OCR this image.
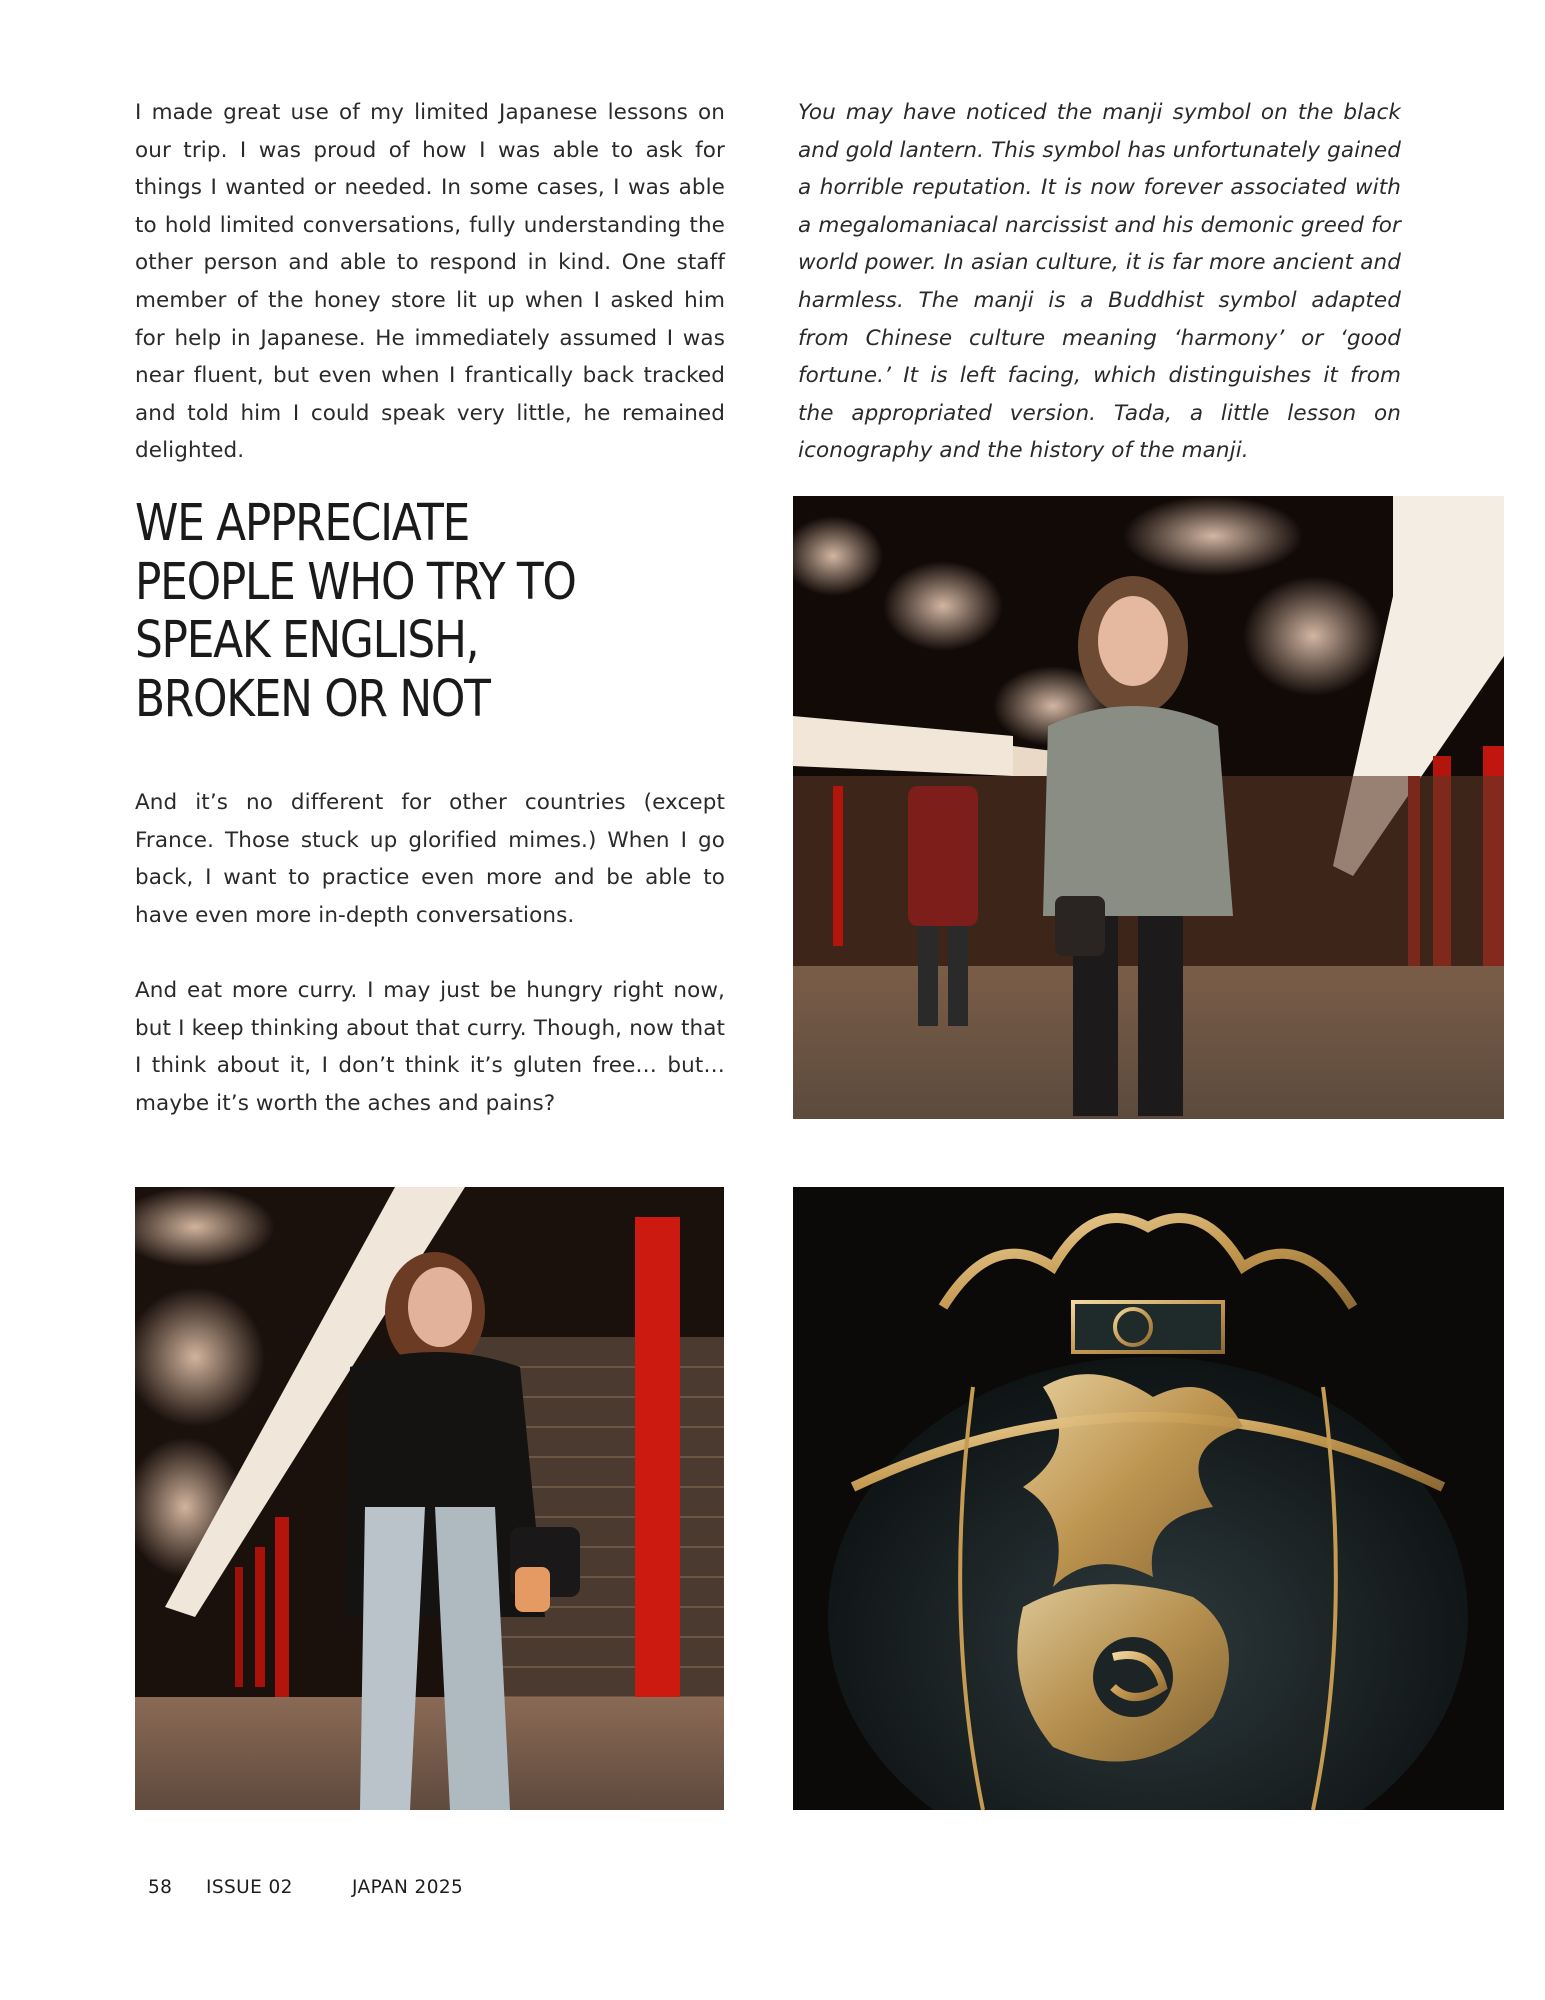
I made great use of my limited Japanese lessons on our trip. I was proud of how I was able to ask for things I wanted or needed. In some cases, I was able to hold limited conversations, fully understanding the other person and able to respond in kind. One staff member of the honey store lit up when I asked him for help in Japanese. He immediately assumed I was near fluent, but even when I frantically back tracked and told him I could speak very little, he remained delighted.

You may have noticed the manji symbol on the black and gold lantern. This symbol has unfortunately gained a horrible reputation. It is now forever associated with a megalomaniacal narcissist and his demonic greed for world power. In asian culture, it is far more ancient and harmless. The manji is a Buddhist symbol adapted from Chinese culture meaning ‘harmony’ or ‘good fortune.’ It is left facing, which distinguishes it from the appropriated version. Tada, a little lesson on iconography and the history of the manji.

WE APPRECIATE PEOPLE WHO TRY TO SPEAK ENGLISH, BROKEN OR NOT

And it’s no different for other countries (except France. Those stuck up glorified mimes.) When I go back, I want to practice even more and be able to have even more in-depth conversations.

And eat more curry. I may just be hungry right now, but I keep thinking about that curry. Though, now that I think about it, I don’t think it’s gluten free… but… maybe it’s worth the aches and pains?

58 ISSUE 02	JAPAN 2025
